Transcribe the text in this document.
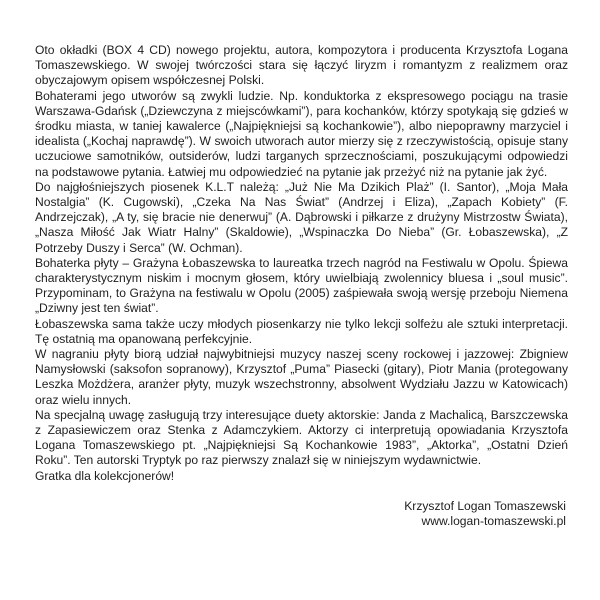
Oto okładki (BOX 4 CD) nowego projektu, autora, kompozytora i producenta Krzysztofa Logana Tomaszewskiego. W swojej twórczości stara się łączyć liryzm i romantyzm z realizmem oraz obyczajowym opisem współczesnej Polski.

Bohaterami jego utworów są zwykli ludzie. Np. konduktorka z ekspresowego pociągu na trasie Warszawa-Gdańsk („Dziewczyna z miejscówkami”), para kochanków, którzy spotykają się gdzieś w środku miasta, w taniej kawalerce („Najpiękniejsi są kochankowie”), albo niepoprawny marzyciel i idealista („Kochaj naprawdę”). W swoich utworach autor mierzy się z rzeczywistością, opisuje stany uczuciowe samotników, outsiderów, ludzi targanych sprzecznościami, poszukującymi odpowiedzi na podstawowe pytania. Łatwiej mu odpowiedzieć na pytanie jak przeżyć niż na pytanie jak żyć.

Do najgłośniejszych piosenek K.L.T należą: „Już Nie Ma Dzikich Plaż” (I. Santor), „Moja Mała Nostalgia” (K. Cugowski), „Czeka Na Nas Świat” (Andrzej i Eliza), „Zapach Kobiety” (F. Andrzejczak), „A ty, się bracie nie denerwuj” (A. Dąbrowski i piłkarze z drużyny Mistrzostw Świata), „Nasza Miłość Jak Wiatr Halny” (Skaldowie), „Wspinaczka Do Nieba” (Gr. Łobaszewska), „Z Potrzeby Duszy i Serca” (W. Ochman).

Bohaterka płyty – Grażyna Łobaszewska to laureatka trzech nagród na Festiwalu w Opolu. Śpiewa charakterystycznym niskim i mocnym głosem, który uwielbiają zwolennicy bluesa i „soul music”. Przypominam, to Grażyna na festiwalu w Opolu (2005) zaśpiewała swoją wersję przeboju Niemena „Dziwny jest ten świat”.

Łobaszewska sama także uczy młodych piosenkarzy nie tylko lekcji solfeżu ale sztuki interpretacji. Tę ostatnią ma opanowaną perfekcyjnie.

W nagraniu płyty biorą udział najwybitniejsi muzycy naszej sceny rockowej i jazzowej: Zbigniew Namysłowski (saksofon sopranowy), Krzysztof „Puma” Piasecki (gitary), Piotr Mania (protegowany Leszka Możdżera, aranżer płyty, muzyk wszechstronny, absolwent Wydziału Jazzu w Katowicach) oraz wielu innych.

Na specjalną uwagę zasługują trzy interesujące duety aktorskie: Janda z Machalicą, Barszczewska z Zapasiewiczem oraz Stenka z Adamczykiem. Aktorzy ci interpretują opowiadania Krzysztofa Logana Tomaszewskiego pt. „Najpiękniejsi Są Kochankowie 1983”, „Aktorka”, „Ostatni Dzień Roku”. Ten autorski Tryptyk po raz pierwszy znalazł się w niniejszym wydawnictwie.

Gratka dla kolekcjonerów!

Krzysztof Logan Tomaszewski
www.logan-tomaszewski.pl
